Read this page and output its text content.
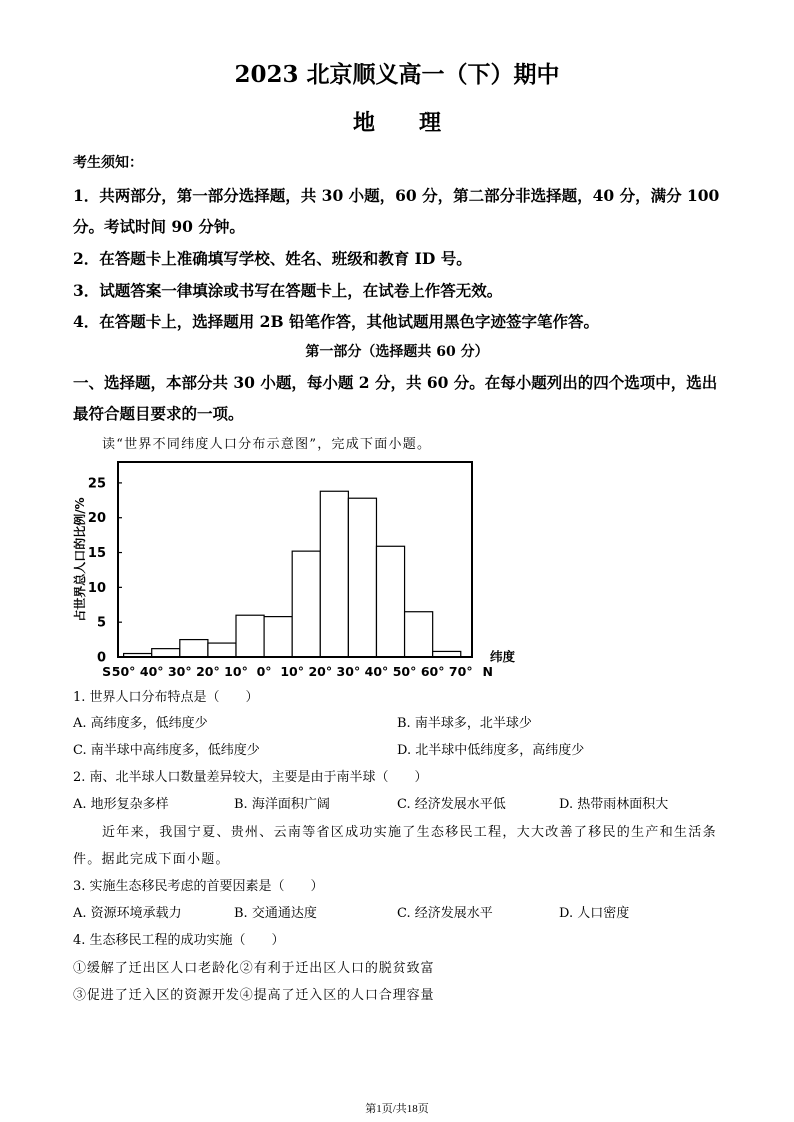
2023 北京顺义高一（下）期中
地　　理
考生须知：
1．共两部分，第一部分选择题，共 30 小题，60 分，第二部分非选择题，40 分，满分 100
分。考试时间 90 分钟。
2．在答题卡上准确填写学校、姓名、班级和教育 ID 号。
3．试题答案一律填涂或书写在答题卡上，在试卷上作答无效。
4．在答题卡上，选择题用 2B 铅笔作答，其他试题用黑色字迹签字笔作答。
第一部分（选择题共 60 分）
一、选择题，本部分共 30 小题，每小题 2 分，共 60 分。在每小题列出的四个选项中，选出
最符合题目要求的一项。
读“世界不同纬度人口分布示意图”，完成下面小题。
0
5
10
15
20
25
占世界总人口的比例/%
50° 40° 30° 20° 10° 0° 10° 20° 30° 40° 50° 60° 70°
S	N
纬度
1. 世界人口分布特点是（　　）
A. 高纬度多，低纬度少	B. 南半球多，北半球少
C. 南半球中高纬度多，低纬度少	D. 北半球中低纬度多，高纬度少
2. 南、北半球人口数量差异较大，主要是由于南半球（　　）
A. 地形复杂多样	B. 海洋面积广阔	C. 经济发展水平低	D. 热带雨林面积大
近年来，我国宁夏、贵州、云南等省区成功实施了生态移民工程，大大改善了移民的生产和生活条
件。据此完成下面小题。
3. 实施生态移民考虑的首要因素是（　　）
A. 资源环境承载力	B. 交通通达度	C. 经济发展水平	D. 人口密度
4. 生态移民工程的成功实施（　　）
①缓解了迁出区人口老龄化②有利于迁出区人口的脱贫致富
③促进了迁入区的资源开发④提高了迁入区的人口合理容量
第1页/共18页
